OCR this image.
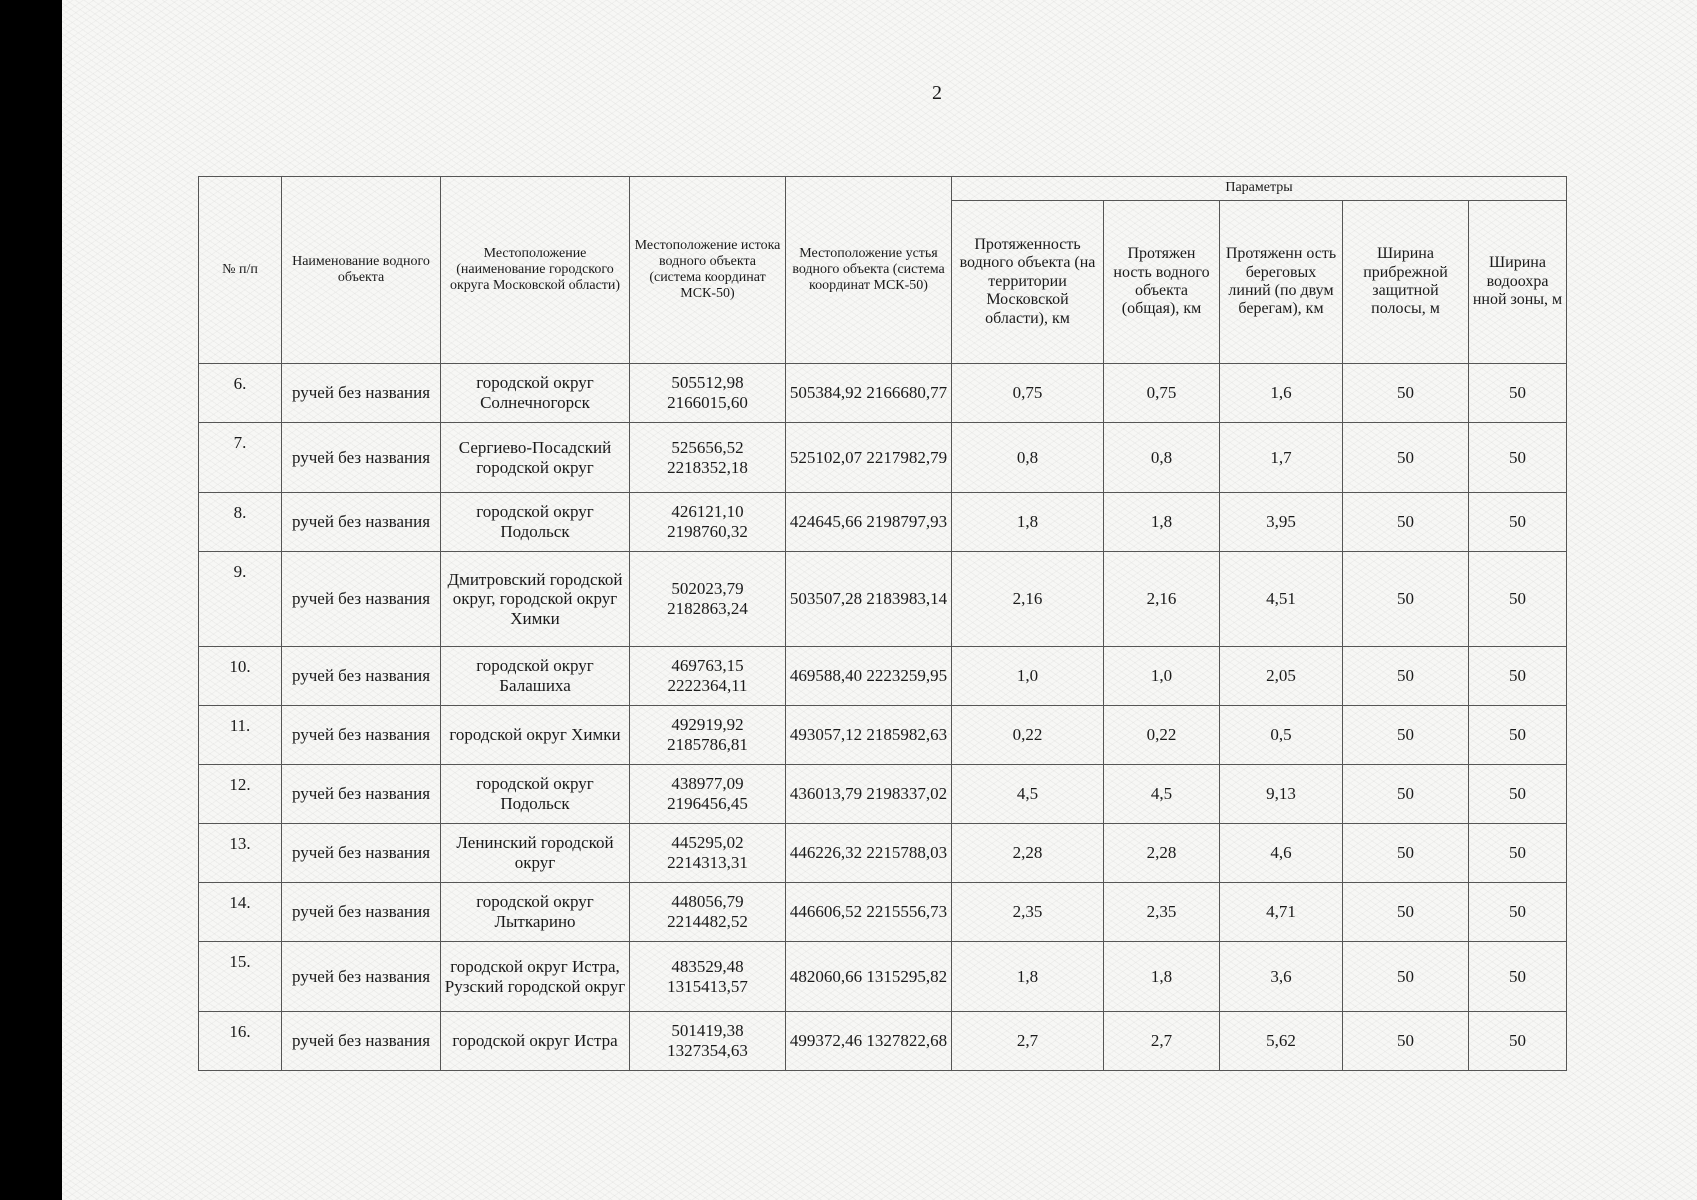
2
№ п/п	Наименование водного объекта	Местоположение (наименование городского округа Московской области)	Местоположение истока водного объекта (система координат МСК-50)	Местоположение устья водного объекта (система координат МСК-50)	Параметры				
					Протяженность водного объекта (на территории Московской области), км	Протяжен ность водного объекта (общая), км	Протяженн ость береговых линий (по двум берегам), км	Ширина прибрежной защитной полосы, м	Ширина водоохра нной зоны, м
6.	ручей без названия	городской округ Солнечногорск	505512,98 2166015,60	505384,92 2166680,77	0,75	0,75	1,6	50	50
7.	ручей без названия	Сергиево-Посадский городской округ	525656,52 2218352,18	525102,07 2217982,79	0,8	0,8	1,7	50	50
8.	ручей без названия	городской округ Подольск	426121,10 2198760,32	424645,66 2198797,93	1,8	1,8	3,95	50	50
9.	ручей без названия	Дмитровский городской округ, городской округ Химки	502023,79 2182863,24	503507,28 2183983,14	2,16	2,16	4,51	50	50
10.	ручей без названия	городской округ Балашиха	469763,15 2222364,11	469588,40 2223259,95	1,0	1,0	2,05	50	50
11.	ручей без названия	городской округ Химки	492919,92 2185786,81	493057,12 2185982,63	0,22	0,22	0,5	50	50
12.	ручей без названия	городской округ Подольск	438977,09 2196456,45	436013,79 2198337,02	4,5	4,5	9,13	50	50
13.	ручей без названия	Ленинский городской округ	445295,02 2214313,31	446226,32 2215788,03	2,28	2,28	4,6	50	50
14.	ручей без названия	городской округ Лыткарино	448056,79 2214482,52	446606,52 2215556,73	2,35	2,35	4,71	50	50
15.	ручей без названия	городской округ Истра, Рузский городской округ	483529,48 1315413,57	482060,66 1315295,82	1,8	1,8	3,6	50	50
16.	ручей без названия	городской округ Истра	501419,38 1327354,63	499372,46 1327822,68	2,7	2,7	5,62	50	50
